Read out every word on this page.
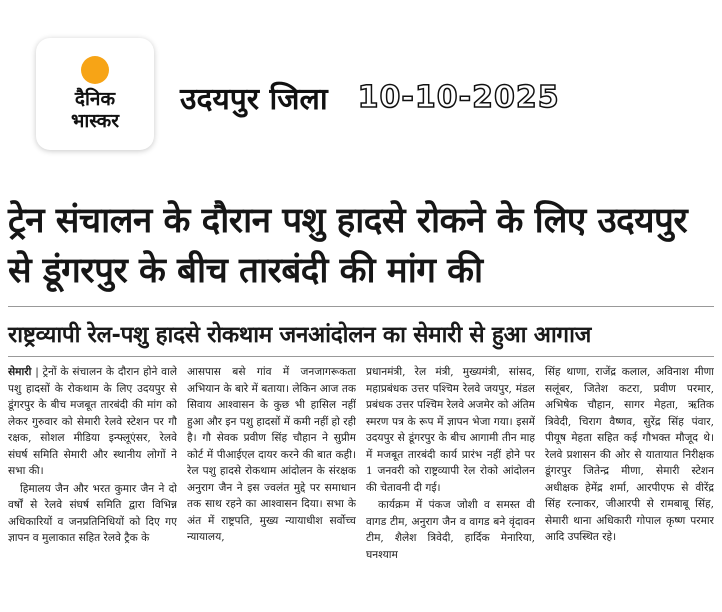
दैनिक
भास्कर
उदयपुर जिला 10-10-2025
ट्रेन संचालन के दौरान पशु हादसे रोकने के लिए उदयपुर से डूंगरपुर के बीच तारबंदी की मांग की
राष्ट्रव्यापी रेल-पशु हादसे रोकथाम जनआंदोलन का सेमारी से हुआ आगाज

सेमारी | ट्रेनों के संचालन के दौरान होने वाले पशु हादसों के रोकथाम के लिए उदयपुर से डूंगरपुर के बीच मजबूत तारबंदी की मांग को लेकर गुरुवार को सेमारी रेलवे स्टेशन पर गौ रक्षक, सोशल मीडिया इन्फ्लूएंसर, रेलवे संघर्ष समिति सेमारी और स्थानीय लोगों ने सभा की।

हिमालय जैन और भरत कुमार जैन ने दो वर्षों से रेलवे संघर्ष समिति द्वारा विभिन्न अधिकारियों व जनप्रतिनिधियों को दिए गए ज्ञापन व मुलाकात सहित रेलवे ट्रैक के

आसपास बसे गांव में जनजागरूकता अभियान के बारे में बताया। लेकिन आज तक सिवाय आश्वासन के कुछ भी हासिल नहीं हुआ और इन पशु हादसों में कमी नहीं हो रही है। गौ सेवक प्रवीण सिंह चौहान ने सुप्रीम कोर्ट में पीआईएल दायर करने की बात कही। रेल पशु हादसे रोकथाम आंदोलन के संरक्षक अनुराग जैन ने इस ज्वलंत मुद्दे पर समाधान तक साथ रहने का आश्वासन दिया। सभा के अंत में राष्ट्रपति, मुख्य न्यायाधीश सर्वोच्च न्यायालय,

प्रधानमंत्री, रेल मंत्री, मुख्यमंत्री, सांसद, महाप्रबंधक उत्तर पश्चिम रेलवे जयपुर, मंडल प्रबंधक उत्तर पश्चिम रेलवे अजमेर को अंतिम स्मरण पत्र के रूप में ज्ञापन भेजा गया। इसमें उदयपुर से डूंगरपुर के बीच आगामी तीन माह में मजबूत तारबंदी कार्य प्रारंभ नहीं होने पर 1 जनवरी को राष्ट्रव्यापी रेल रोको आंदोलन की चेतावनी दी गई।

कार्यक्रम में पंकज जोशी व समस्त वी वागड टीम, अनुराग जैन व वागड बने वृंदावन टीम, शैलेश त्रिवेदी, हार्दिक मेनारिया, घनश्याम

सिंह थाणा, राजेंद्र कलाल, अविनाश मीणा सलूंबर, जितेश कटरा, प्रवीण परमार, अभिषेक चौहान, सागर मेहता, ऋतिक त्रिवेदी, चिराग वैष्णव, सुरेंद्र सिंह पंवार, पीयूष मेहता सहित कई गौभक्त मौजूद थे। रेलवे प्रशासन की ओर से यातायात निरीक्षक डूंगरपुर जितेन्द्र मीणा, सेमारी स्टेशन अधीक्षक हेमेंद्र शर्मा, आरपीएफ से वीरेंद्र सिंह रत्नाकर, जीआरपी से रामबाबू सिंह, सेमारी थाना अधिकारी गोपाल कृष्ण परमार आदि उपस्थित रहे।
